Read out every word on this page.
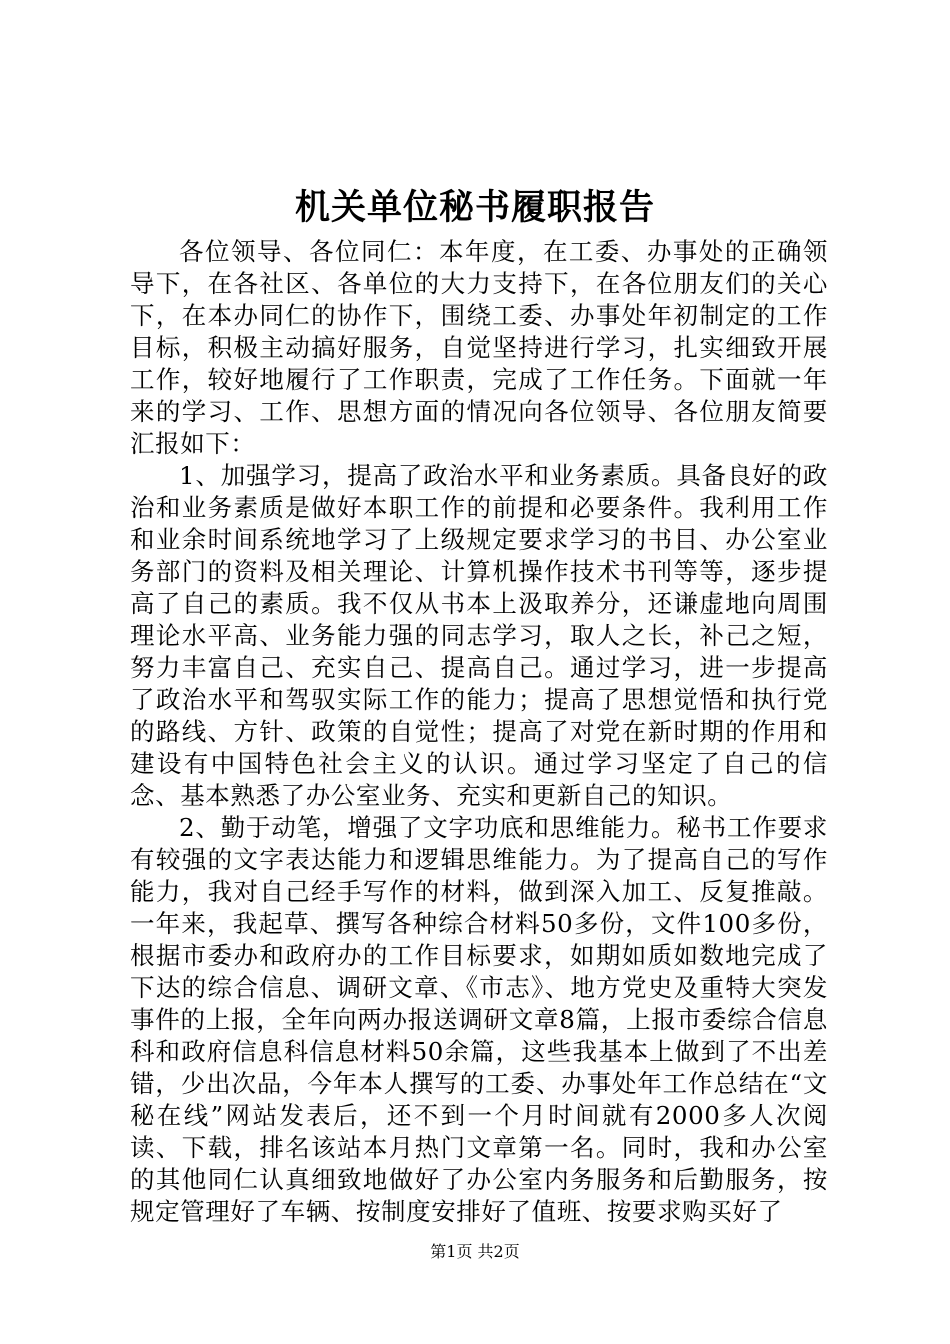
机关单位秘书履职报告

各位领导、各位同仁：本年度，在工委、办事处的正确领导下，在各社区、各单位的大力支持下，在各位朋友们的关心下，在本办同仁的协作下，围绕工委、办事处年初制定的工作目标，积极主动搞好服务，自觉坚持进行学习，扎实细致开展工作，较好地履行了工作职责，完成了工作任务。下面就一年来的学习、工作、思想方面的情况向各位领导、各位朋友简要汇报如下：

1、加强学习，提高了政治水平和业务素质。具备良好的政治和业务素质是做好本职工作的前提和必要条件。我利用工作和业余时间系统地学习了上级规定要求学习的书目、办公室业务部门的资料及相关理论、计算机操作技术书刊等等，逐步提高了自己的素质。我不仅从书本上汲取养分，还谦虚地向周围理论水平高、业务能力强的同志学习，取人之长，补己之短，努力丰富自己、充实自己、提高自己。通过学习，进一步提高了政治水平和驾驭实际工作的能力；提高了思想觉悟和执行党的路线、方针、政策的自觉性；提高了对党在新时期的作用和建设有中国特色社会主义的认识。通过学习坚定了自己的信念、基本熟悉了办公室业务、充实和更新自己的知识。

2、勤于动笔，增强了文字功底和思维能力。秘书工作要求有较强的文字表达能力和逻辑思维能力。为了提高自己的写作能力，我对自己经手写作的材料，做到深入加工、反复推敲。一年来，我起草、撰写各种综合材料50多份，文件100多份，根据市委办和政府办的工作目标要求，如期如质如数地完成了下达的综合信息、调研文章、《市志》、地方党史及重特大突发事件的上报，全年向两办报送调研文章8篇，上报市委综合信息科和政府信息科信息材料50余篇，这些我基本上做到了不出差错，少出次品，今年本人撰写的工委、办事处年工作总结在“文秘在线”网站发表后，还不到一个月时间就有2000多人次阅读、下载，排名该站本月热门文章第一名。同时，我和办公室的其他同仁认真细致地做好了办公室内务服务和后勤服务，按规定管理好了车辆、按制度安排好了值班、按要求购买好了

第1页 共2页
